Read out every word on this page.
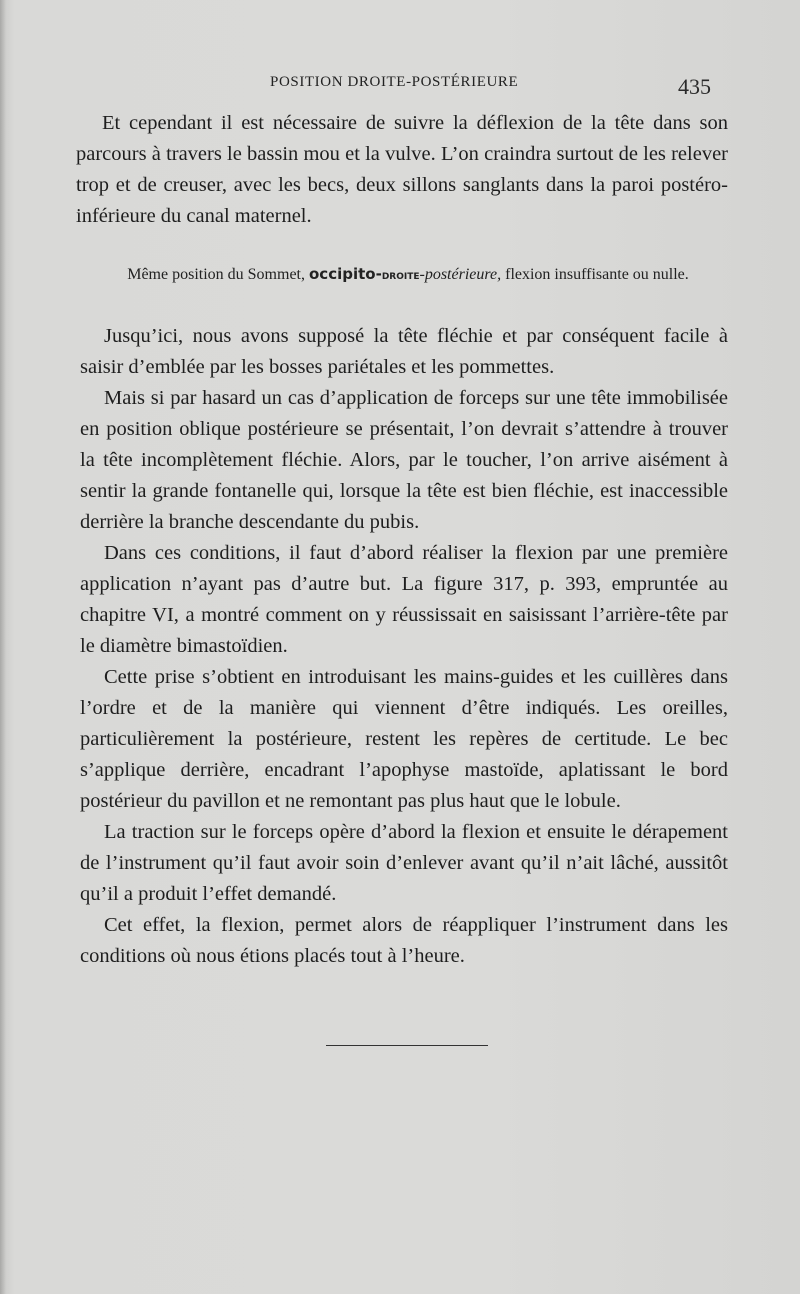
POSITION DROITE-POSTÉRIEURE	435

Et cependant il est nécessaire de suivre la déflexion de la tête dans son parcours à travers le bassin mou et la vulve. L’on craindra surtout de les relever trop et de creuser, avec les becs, deux sillons sanglants dans la paroi postéro-inférieure du canal maternel.

Même position du Sommet, occipito-droite-postérieure, flexion insuffisante ou nulle.

Jusqu’ici, nous avons supposé la tête fléchie et par conséquent facile à saisir d’emblée par les bosses pariétales et les pommettes.

Mais si par hasard un cas d’application de forceps sur une tête immobilisée en position oblique postérieure se présentait, l’on devrait s’attendre à trouver la tête incomplètement fléchie. Alors, par le toucher, l’on arrive aisément à sentir la grande fontanelle qui, lorsque la tête est bien fléchie, est inaccessible derrière la branche descendante du pubis.

Dans ces conditions, il faut d’abord réaliser la flexion par une première application n’ayant pas d’autre but. La figure 317, p. 393, empruntée au chapitre VI, a montré comment on y réussissait en saisissant l’arrière-tête par le diamètre bimastoïdien.

Cette prise s’obtient en introduisant les mains-guides et les cuillères dans l’ordre et de la manière qui viennent d’être indiqués. Les oreilles, particulièrement la postérieure, restent les repères de certitude. Le bec s’applique derrière, encadrant l’apophyse mastoïde, aplatissant le bord postérieur du pavillon et ne remontant pas plus haut que le lobule.

La traction sur le forceps opère d’abord la flexion et ensuite le dérapement de l’instrument qu’il faut avoir soin d’enlever avant qu’il n’ait lâché, aussitôt qu’il a produit l’effet demandé.

Cet effet, la flexion, permet alors de réappliquer l’instrument dans les conditions où nous étions placés tout à l’heure.
